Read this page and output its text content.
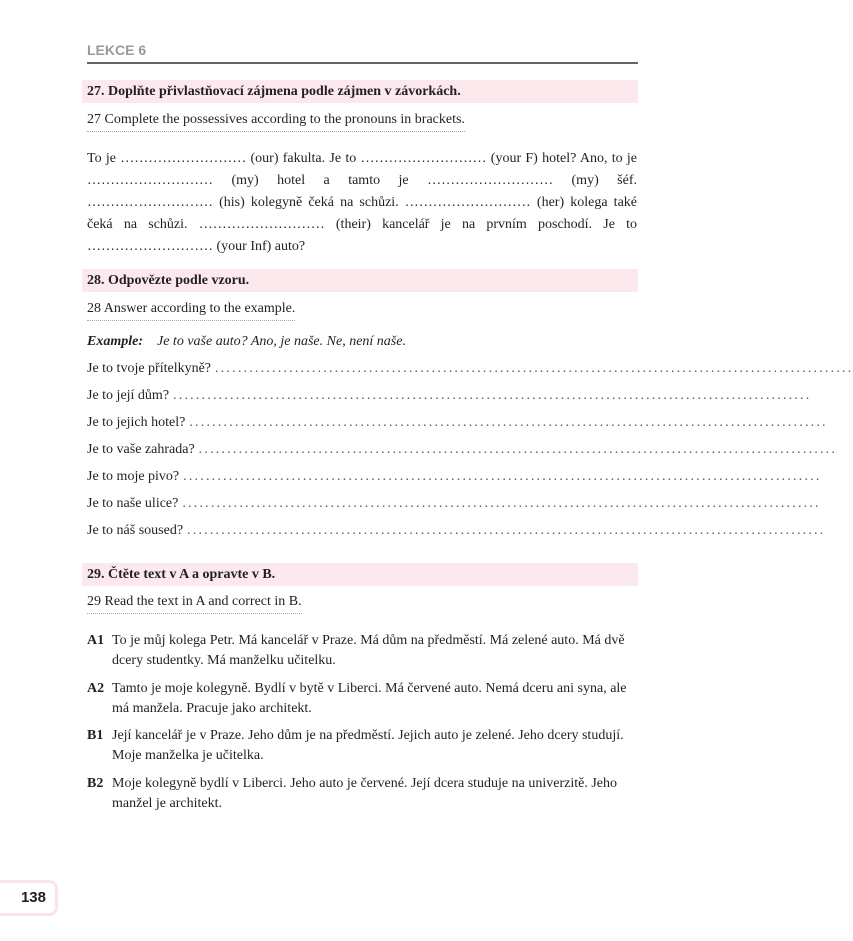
LEKCE 6
27. Doplňte přivlastňovací zájmena podle zájmen v závorkách.
27 Complete the possessives according to the pronouns in brackets.
To je ……………………… (our) fakulta. Je to ……………………… (your F) hotel? Ano, to je ……………………… (my) hotel a tamto je ……………………… (my) šéf. ……………………… (his) kolegyně čeká na schůzi. ……………………… (her) kolega také čeká na schůzi. ……………………… (their) kancelář je na prvním poschodí. Je to ……………………… (your Inf) auto?
28. Odpovězte podle vzoru.
28 Answer according to the example.
Example: Je to vaše auto? Ano, je naše. Ne, není naše.
Je to tvoje přítelkyně? ................................................................................................................
Je to její dům? ................................................................................................................
Je to jejich hotel? ................................................................................................................
Je to vaše zahrada? ................................................................................................................
Je to moje pivo? ................................................................................................................
Je to naše ulice? ................................................................................................................
Je to náš soused? ................................................................................................................
29. Čtěte text v A a opravte v B.
29 Read the text in A and correct in B.
A1 To je můj kolega Petr. Má kancelář v Praze. Má dům na předměstí. Má zelené auto. Má dvě dcery studentky. Má manželku učitelku.
A2 Tamto je moje kolegyně. Bydlí v bytě v Liberci. Má červené auto. Nemá dceru ani syna, ale má manžela. Pracuje jako architekt.
B1 Její kancelář je v Praze. Jeho dům je na předměstí. Jejich auto je zelené. Jeho dcery studují. Moje manželka je učitelka.
B2 Moje kolegyně bydlí v Liberci. Jeho auto je červené. Její dcera studuje na univerzitě. Jeho manžel je architekt.
138
